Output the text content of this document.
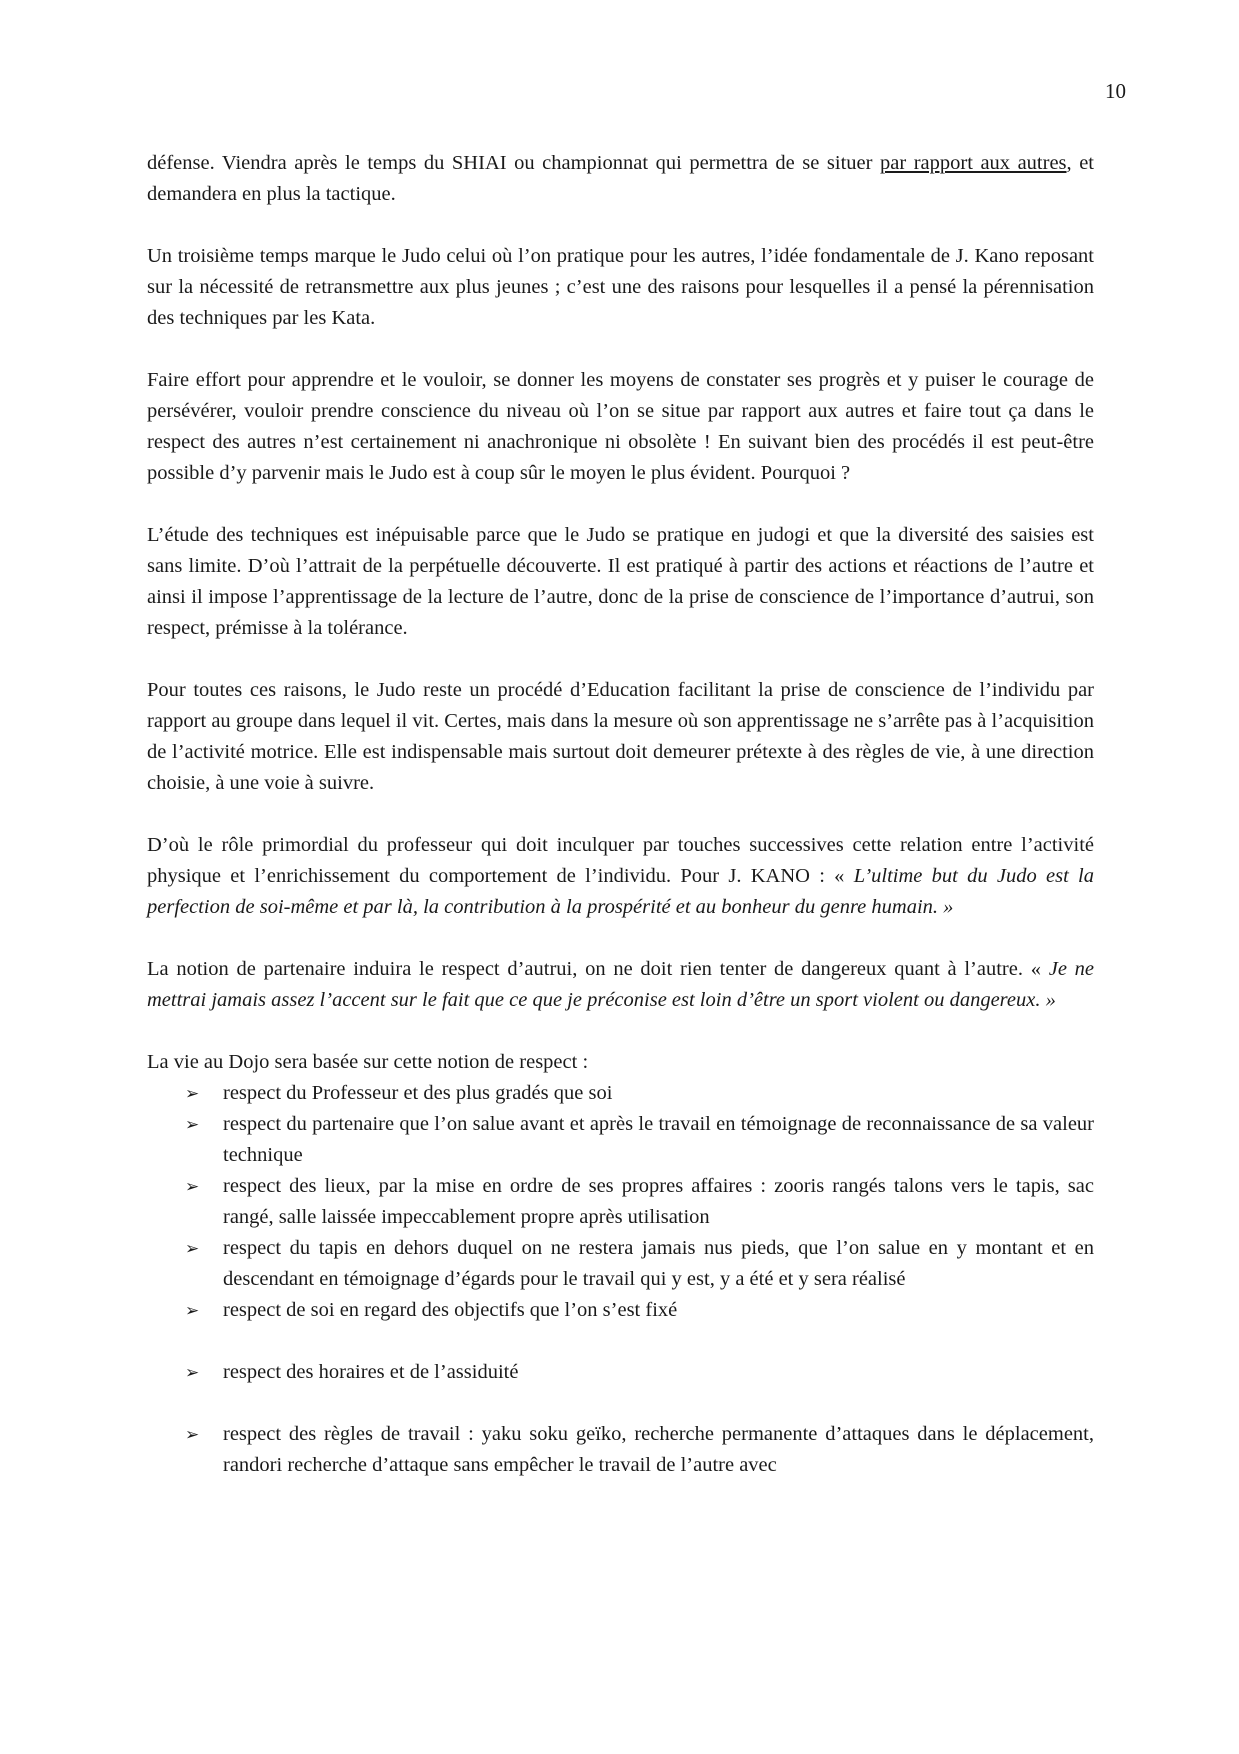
10

défense. Viendra après le temps du SHIAI ou championnat qui permettra de se situer par rapport aux autres, et demandera en plus la tactique.

Un troisième temps marque le Judo celui où l’on pratique pour les autres, l’idée fondamentale de J. Kano reposant sur la nécessité de retransmettre aux plus jeunes ; c’est une des raisons pour lesquelles il a pensé la pérennisation des techniques par les Kata.

Faire effort pour apprendre et le vouloir, se donner les moyens de constater ses progrès et y puiser le courage de persévérer, vouloir prendre conscience du niveau où l’on se situe par rapport aux autres et faire tout ça dans le respect des autres n’est certainement ni anachronique ni obsolète ! En suivant bien des procédés il est peut-être possible d’y parvenir mais le Judo est à coup sûr le moyen le plus évident. Pourquoi ?

L’étude des techniques est inépuisable parce que le Judo se pratique en judogi et que la diversité des saisies est sans limite. D’où l’attrait de la perpétuelle découverte. Il est pratiqué à partir des actions et réactions de l’autre et ainsi il impose l’apprentissage de la lecture de l’autre, donc de la prise de conscience de l’importance d’autrui, son respect, prémisse à la tolérance.

Pour toutes ces raisons, le Judo reste un procédé d’Education facilitant la prise de conscience de l’individu par rapport au groupe dans lequel il vit. Certes, mais dans la mesure où son apprentissage ne s’arrête pas à l’acquisition de l’activité motrice. Elle est indispensable mais surtout doit demeurer prétexte à des règles de vie, à une direction choisie, à une voie à suivre.

D’où le rôle primordial du professeur qui doit inculquer par touches successives cette relation entre l’activité physique et l’enrichissement du comportement de l’individu. Pour J. KANO : « L’ultime but du Judo est la perfection de soi-même et par là, la contribution à la prospérité et au bonheur du genre humain. »

La notion de partenaire induira le respect d’autrui, on ne doit rien tenter de dangereux quant à l’autre. « Je ne mettrai jamais assez l’accent sur le fait que ce que je préconise est loin d’être un sport violent ou dangereux. »

La vie au Dojo sera basée sur cette notion de respect :

➢ respect du Professeur et des plus gradés que soi
➢ respect du partenaire que l’on salue avant et après le travail en témoignage de reconnaissance de sa valeur technique
➢ respect des lieux, par la mise en ordre de ses propres affaires : zooris rangés talons vers le tapis, sac rangé, salle laissée impeccablement propre après utilisation
➢ respect du tapis en dehors duquel on ne restera jamais nus pieds, que l’on salue en y montant et en descendant en témoignage d’égards pour le travail qui y est, y a été et y sera réalisé
➢ respect de soi en regard des objectifs que l’on s’est fixé
➢ respect des horaires et de l’assiduité
➢ respect des règles de travail : yaku soku geïko, recherche permanente d’attaques dans le déplacement, randori recherche d’attaque sans empêcher le travail de l’autre avec
